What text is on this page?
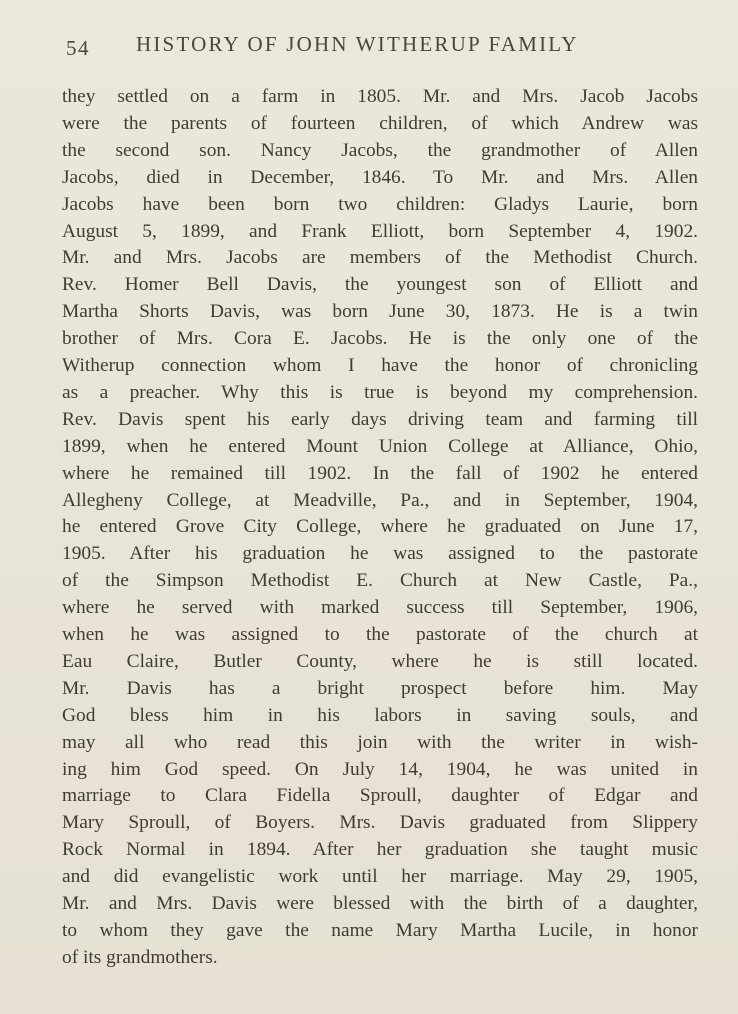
54 HISTORY OF JOHN WITHERUP FAMILY
they settled on a farm in 1805. Mr. and Mrs. Jacob Jacobs
were the parents of fourteen children, of which Andrew was
the second son. Nancy Jacobs, the grandmother of Allen
Jacobs, died in December, 1846. To Mr. and Mrs. Allen
Jacobs have been born two children: Gladys Laurie, born
August 5, 1899, and Frank Elliott, born September 4, 1902.
Mr. and Mrs. Jacobs are members of the Methodist Church.
Rev. Homer Bell Davis, the youngest son of Elliott and
Martha Shorts Davis, was born June 30, 1873. He is a twin
brother of Mrs. Cora E. Jacobs. He is the only one of the
Witherup connection whom I have the honor of chronicling
as a preacher. Why this is true is beyond my comprehension.
Rev. Davis spent his early days driving team and farming till
1899, when he entered Mount Union College at Alliance, Ohio,
where he remained till 1902. In the fall of 1902 he entered
Allegheny College, at Meadville, Pa., and in September, 1904,
he entered Grove City College, where he graduated on June 17,
1905. After his graduation he was assigned to the pastorate
of the Simpson Methodist E. Church at New Castle, Pa.,
where he served with marked success till September, 1906,
when he was assigned to the pastorate of the church at
Eau Claire, Butler County, where he is still located.
Mr. Davis has a bright prospect before him. May
God bless him in his labors in saving souls, and
may all who read this join with the writer in wish-
ing him God speed. On July 14, 1904, he was united in
marriage to Clara Fidella Sproull, daughter of Edgar and
Mary Sproull, of Boyers. Mrs. Davis graduated from Slippery
Rock Normal in 1894. After her graduation she taught music
and did evangelistic work until her marriage. May 29, 1905,
Mr. and Mrs. Davis were blessed with the birth of a daughter,
to whom they gave the name Mary Martha Lucile, in honor
of its grandmothers.
